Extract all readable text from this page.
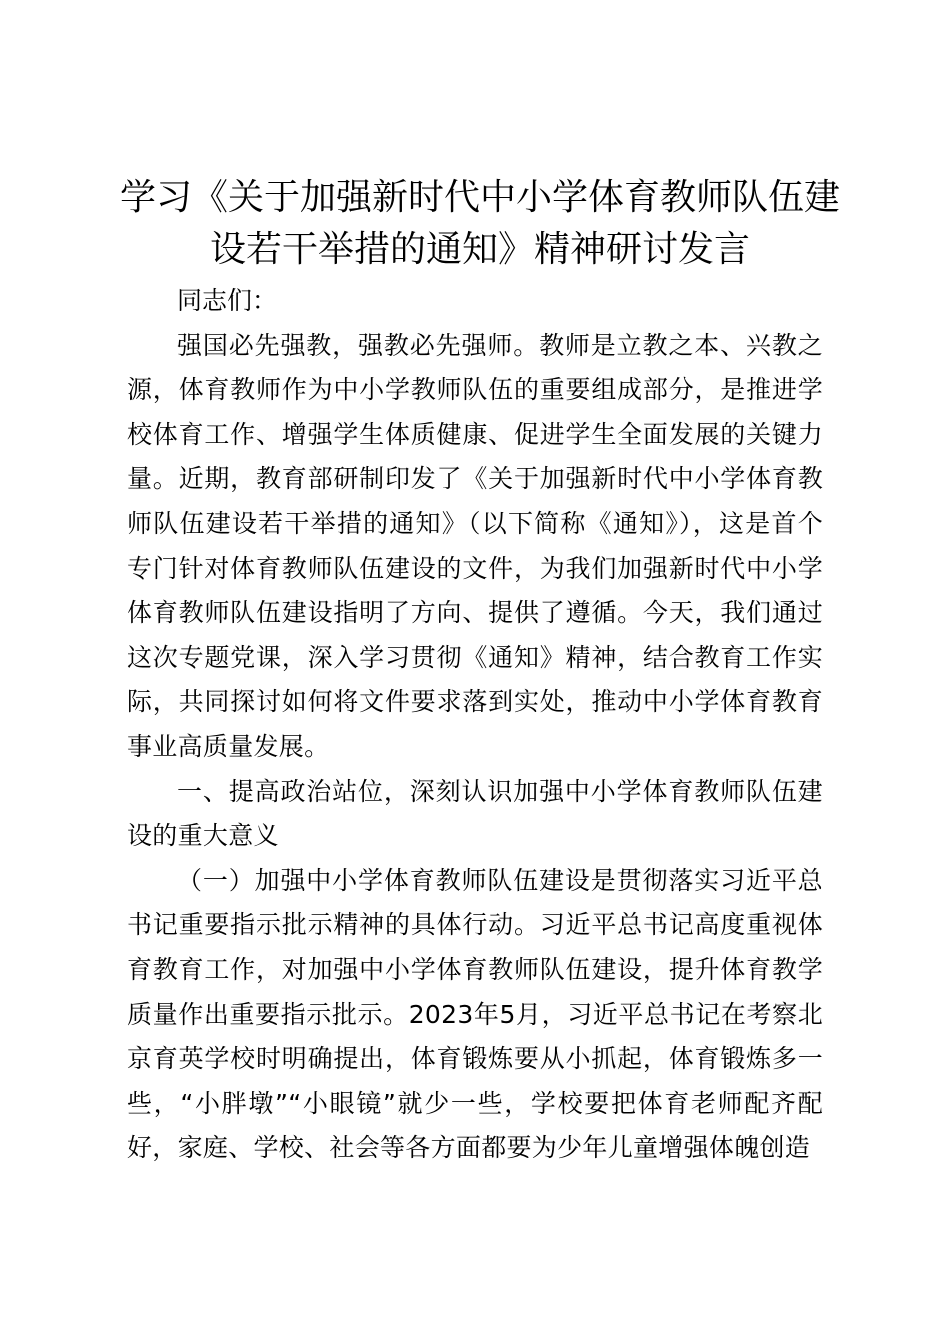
学习《关于加强新时代中小学体育教师队伍建设若干举措的通知》精神研讨发言

同志们：

强国必先强教，强教必先强师。教师是立教之本、兴教之源，体育教师作为中小学教师队伍的重要组成部分，是推进学校体育工作、增强学生体质健康、促进学生全面发展的关键力量。近期，教育部研制印发了《关于加强新时代中小学体育教师队伍建设若干举措的通知》（以下简称《通知》），这是首个专门针对体育教师队伍建设的文件，为我们加强新时代中小学体育教师队伍建设指明了方向、提供了遵循。今天，我们通过这次专题党课，深入学习贯彻《通知》精神，结合教育工作实际，共同探讨如何将文件要求落到实处，推动中小学体育教育事业高质量发展。

一、提高政治站位，深刻认识加强中小学体育教师队伍建设的重大意义

（一）加强中小学体育教师队伍建设是贯彻落实习近平总书记重要指示批示精神的具体行动。习近平总书记高度重视体育教育工作，对加强中小学体育教师队伍建设，提升体育教学质量作出重要指示批示。2023年5月，习近平总书记在考察北京育英学校时明确提出，体育锻炼要从小抓起，体育锻炼多一些，“小胖墩”“小眼镜”就少一些，学校要把体育老师配齐配好，家庭、学校、社会等各方面都要为少年儿童增强体魄创造
